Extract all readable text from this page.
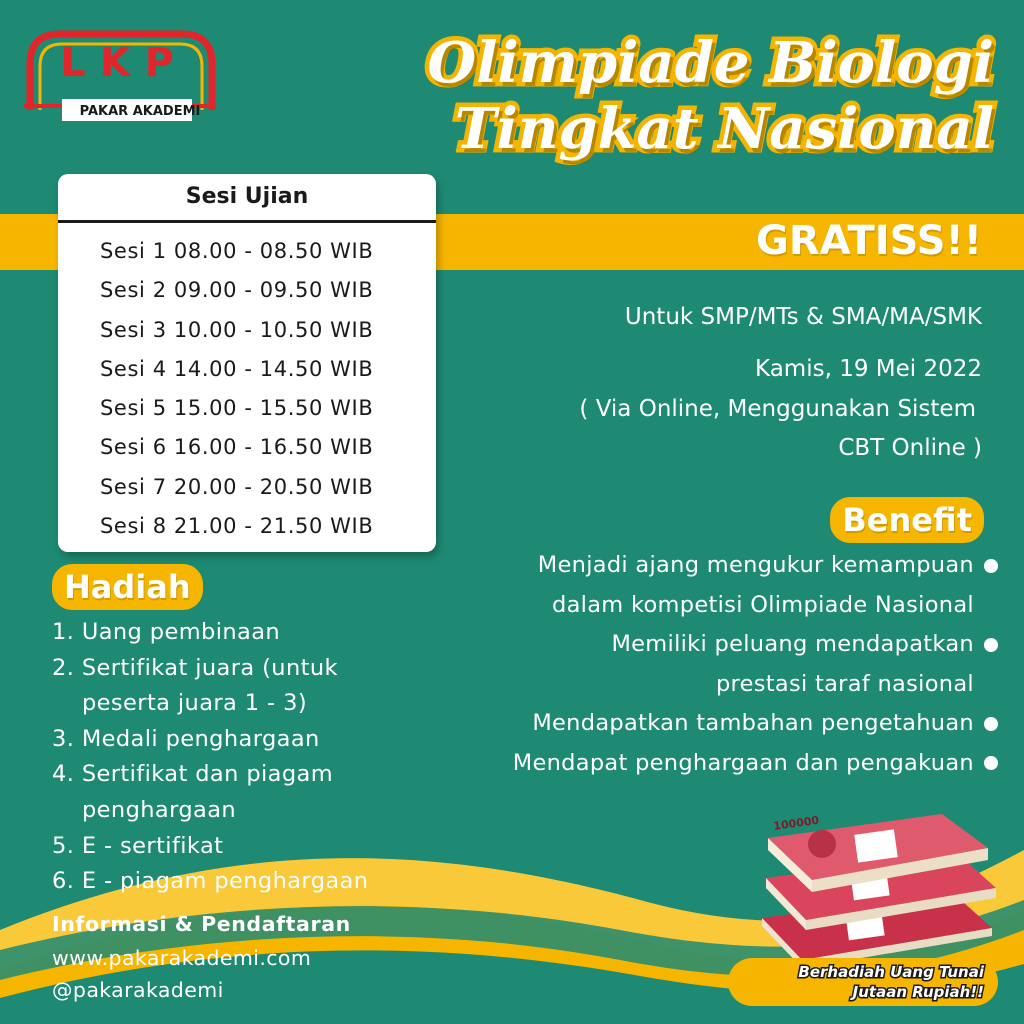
LKP
PAKAR AKADEMI
Olimpiade Biologi
Tingkat Nasional
GRATISS!!
Sesi Ujian
Sesi 1 08.00 - 08.50 WIB
Sesi 2 09.00 - 09.50 WIB
Sesi 3 10.00 - 10.50 WIB
Sesi 4 14.00 - 14.50 WIB
Sesi 5 15.00 - 15.50 WIB
Sesi 6 16.00 - 16.50 WIB
Sesi 7 20.00 - 20.50 WIB
Sesi 8 21.00 - 21.50 WIB
Untuk SMP/MTs & SMA/MA/SMK
Kamis, 19 Mei 2022
( Via Online, Menggunakan Sistem
CBT Online )
Benefit
Menjadi ajang mengukur kemampuan
dalam kompetisi Olimpiade Nasional
Memiliki peluang mendapatkan
prestasi taraf nasional
Mendapatkan tambahan pengetahuan
Mendapat penghargaan dan pengakuan
Hadiah
1. Uang pembinaan
2. Sertifikat juara (untuk
peserta juara 1 - 3)
3. Medali penghargaan
4. Sertifikat dan piagam
penghargaan
5. E - sertifikat
6. E - piagam penghargaan
Informasi & Pendaftaran
www.pakarakademi.com
@pakarakademi
100000
Berhadiah Uang Tunai
Jutaan Rupiah!!
